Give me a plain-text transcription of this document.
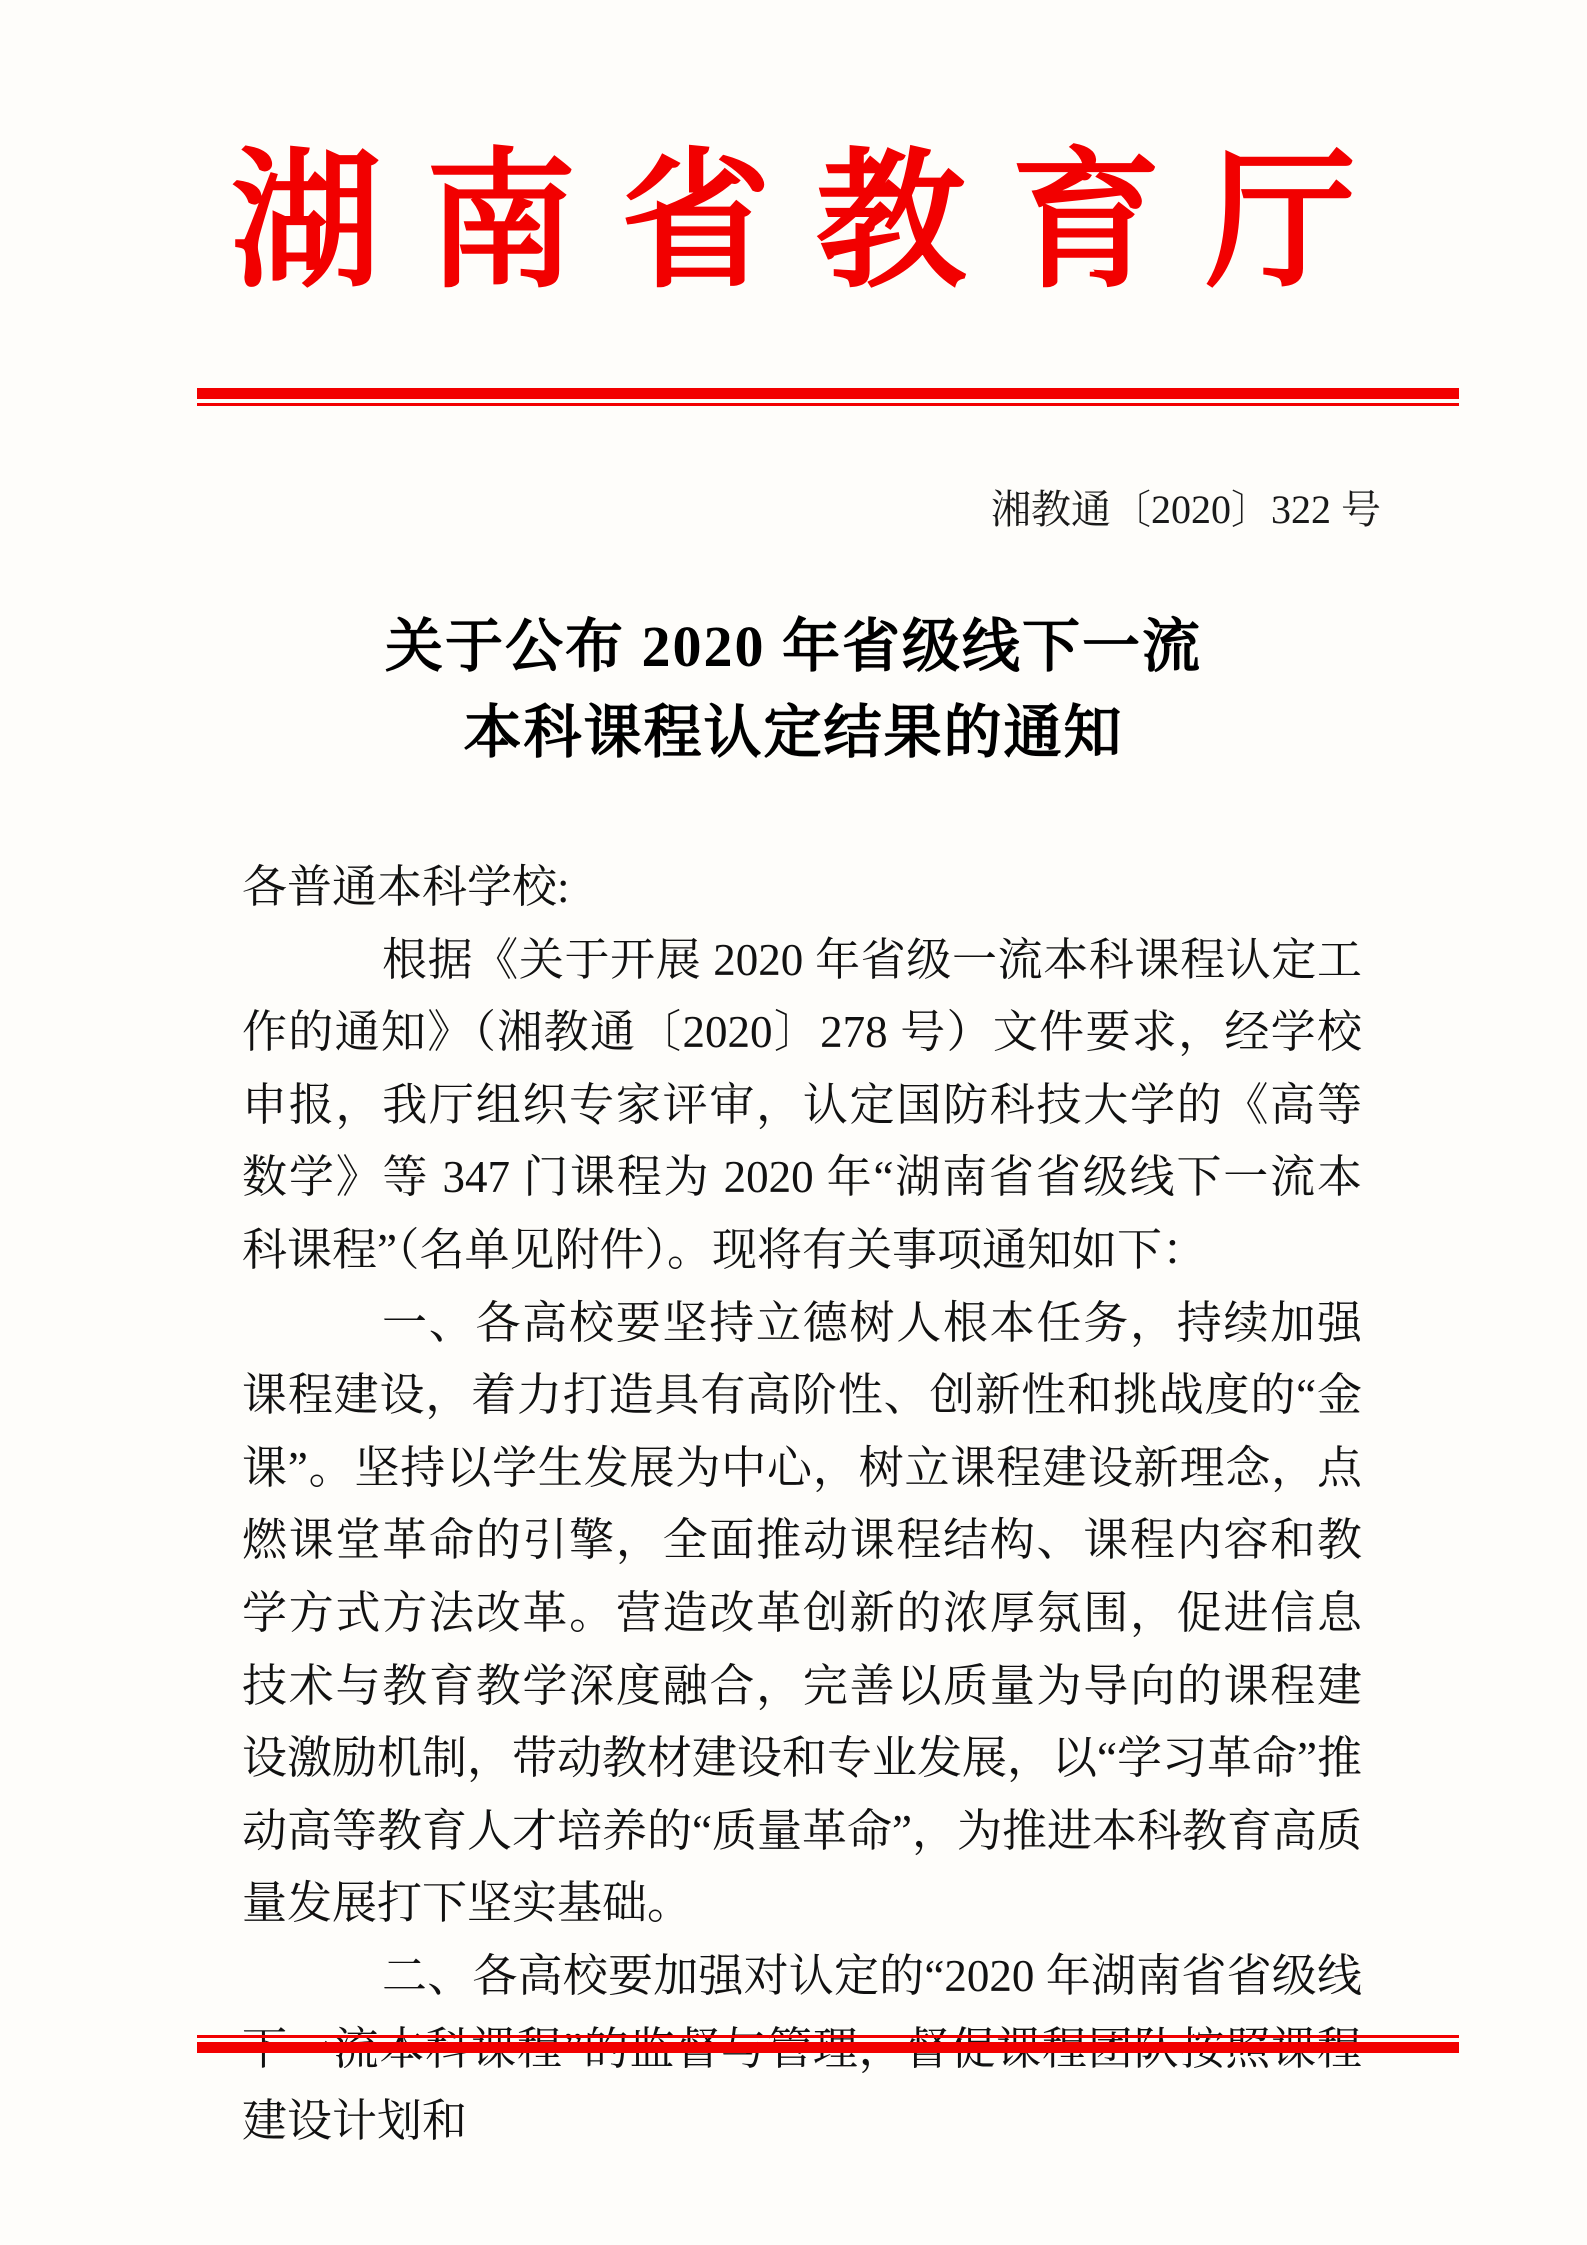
湖南省教育厅
湘教通〔2020〕322 号
关于公布 2020 年省级线下一流
本科课程认定结果的通知

各普通本科学校:

根据《关于开展 2020 年省级一流本科课程认定工作的通知》（湘教通〔2020〕278 号）文件要求，经学校申报，我厅组织专家评审，认定国防科技大学的《高等数学》等 347 门课程为 2020 年“湖南省省级线下一流本科课程”（名单见附件）。现将有关事项通知如下：

一、各高校要坚持立德树人根本任务，持续加强课程建设，着力打造具有高阶性、创新性和挑战度的“金课”。坚持以学生发展为中心，树立课程建设新理念，点燃课堂革命的引擎，全面推动课程结构、课程内容和教学方式方法改革。营造改革创新的浓厚氛围，促进信息技术与教育教学深度融合，完善以质量为导向的课程建设激励机制，带动教材建设和专业发展，以“学习革命”推动高等教育人才培养的“质量革命”，为推进本科教育高质量发展打下坚实基础。

二、各高校要加强对认定的“2020 年湖南省省级线下一流本科课程”的监督与管理，督促课程团队按照课程建设计划和
